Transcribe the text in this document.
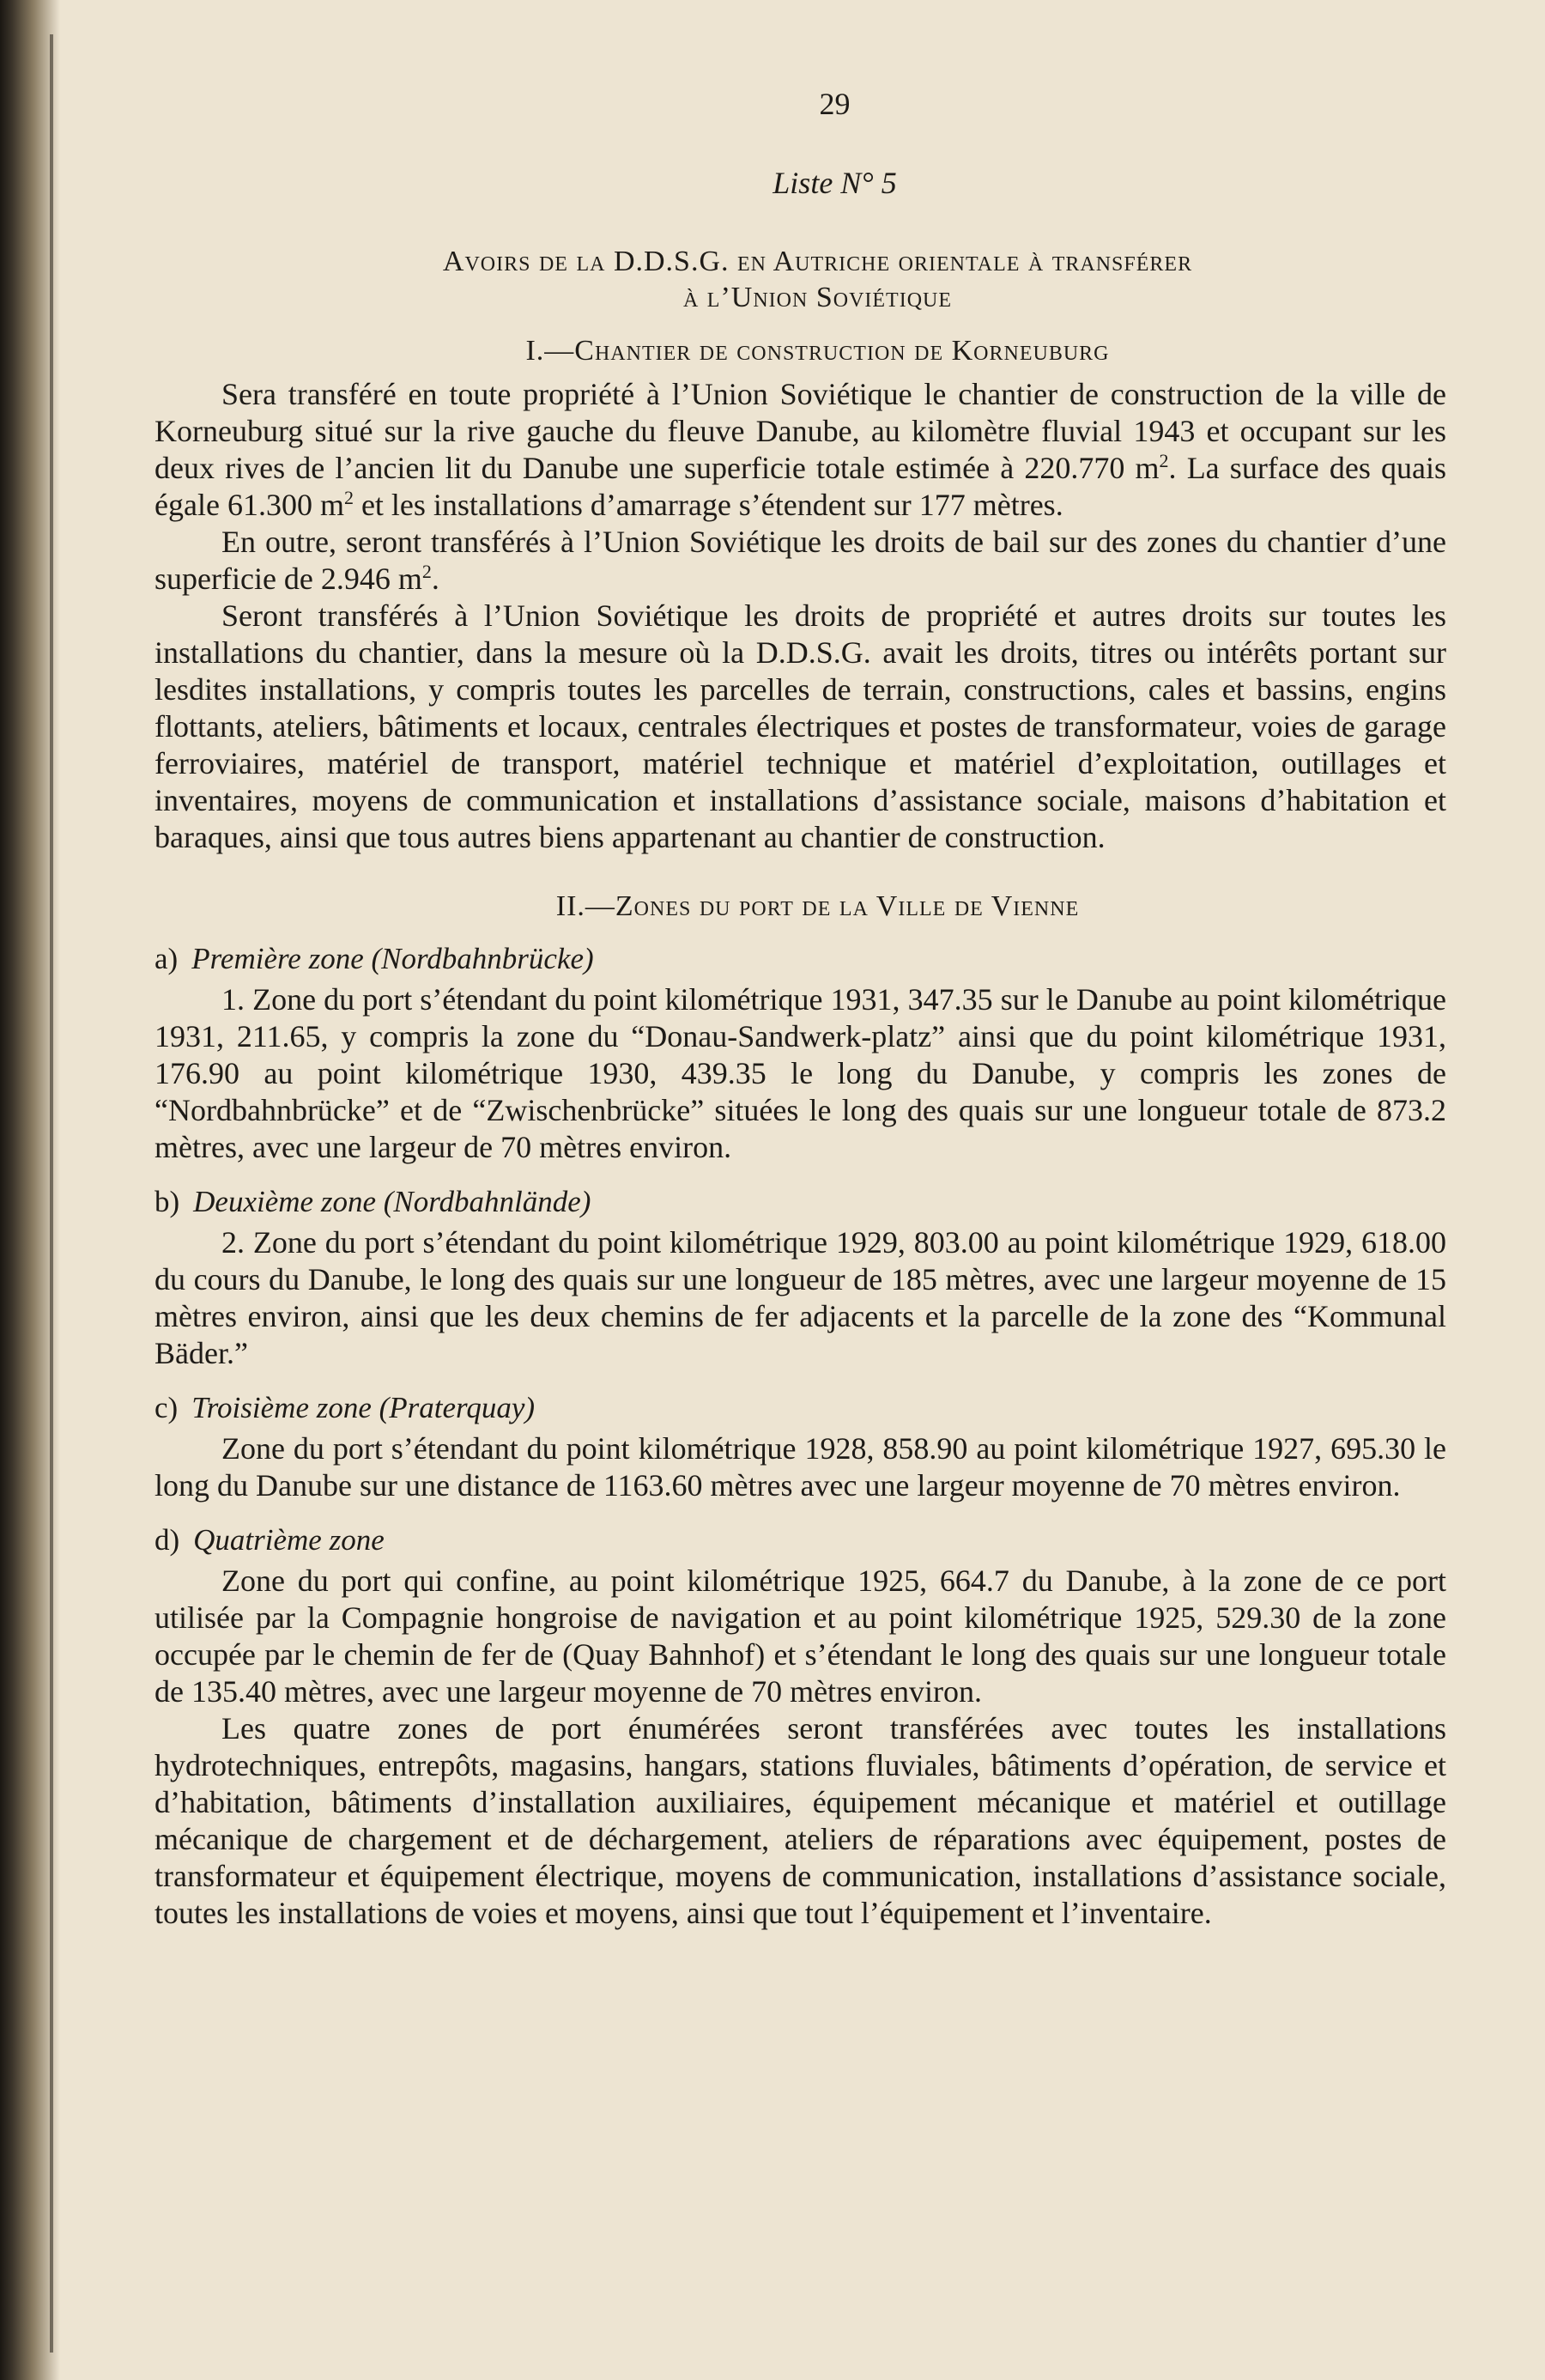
29
Liste N° 5
Avoirs de la D.D.S.G. en Autriche orientale à transférer
à l’Union Soviétique
I.—Chantier de construction de Korneuburg

Sera transféré en toute propriété à l’Union Soviétique le chantier de construction de la ville de Korneuburg situé sur la rive gauche du fleuve Danube, au kilomètre fluvial 1943 et occupant sur les deux rives de l’ancien lit du Danube une superficie totale estimée à 220.770 $m^2$. La surface des quais égale 61.300 $m^2$ et les installations d’amarrage s’étendent sur 177 mètres.

En outre, seront transférés à l’Union Soviétique les droits de bail sur des zones du chantier d’une superficie de 2.946 $m^2$.

Seront transférés à l’Union Soviétique les droits de propriété et autres droits sur toutes les installations du chantier, dans la mesure où la D.D.S.G. avait les droits, titres ou intérêts portant sur lesdites installations, y compris toutes les parcelles de terrain, constructions, cales et bassins, engins flottants, ateliers, bâtiments et locaux, centrales électriques et postes de transformateur, voies de garage ferroviaires, matériel de transport, matériel technique et matériel d’exploitation, outillages et inventaires, moyens de communication et installations d’assistance sociale, maisons d’habitation et baraques, ainsi que tous autres biens appartenant au chantier de construction.

II.—Zones du port de la Ville de Vienne
a) Première zone (Nordbahnbrücke)

1. Zone du port s’étendant du point kilométrique 1931, 347.35 sur le Danube au point kilométrique 1931, 211.65, y compris la zone du “Donau-Sandwerk-platz” ainsi que du point kilométrique 1931, 176.90 au point kilométrique 1930, 439.35 le long du Danube, y compris les zones de “Nordbahnbrücke” et de “Zwischenbrücke” situées le long des quais sur une longueur totale de 873.2 mètres, avec une largeur de 70 mètres environ.

b) Deuxième zone (Nordbahnlände)

2. Zone du port s’étendant du point kilométrique 1929, 803.00 au point kilométrique 1929, 618.00 du cours du Danube, le long des quais sur une longueur de 185 mètres, avec une largeur moyenne de 15 mètres environ, ainsi que les deux chemins de fer adjacents et la parcelle de la zone des “Kommunal Bäder.”

c) Troisième zone (Praterquay)

Zone du port s’étendant du point kilométrique 1928, 858.90 au point kilométrique 1927, 695.30 le long du Danube sur une distance de 1163.60 mètres avec une largeur moyenne de 70 mètres environ.

d) Quatrième zone

Zone du port qui confine, au point kilométrique 1925, 664.7 du Danube, à la zone de ce port utilisée par la Compagnie hongroise de navigation et au point kilométrique 1925, 529.30 de la zone occupée par le chemin de fer de (Quay Bahnhof) et s’étendant le long des quais sur une longueur totale de 135.40 mètres, avec une largeur moyenne de 70 mètres environ.

Les quatre zones de port énumérées seront transférées avec toutes les installations hydrotechniques, entrepôts, magasins, hangars, stations fluviales, bâtiments d’opération, de service et d’habitation, bâtiments d’installation auxiliaires, équipement mécanique et matériel et outillage mécanique de chargement et de déchargement, ateliers de réparations avec équipement, postes de transformateur et équipement électrique, moyens de communication, installations d’assistance sociale, toutes les installations de voies et moyens, ainsi que tout l’équipement et l’inventaire.
